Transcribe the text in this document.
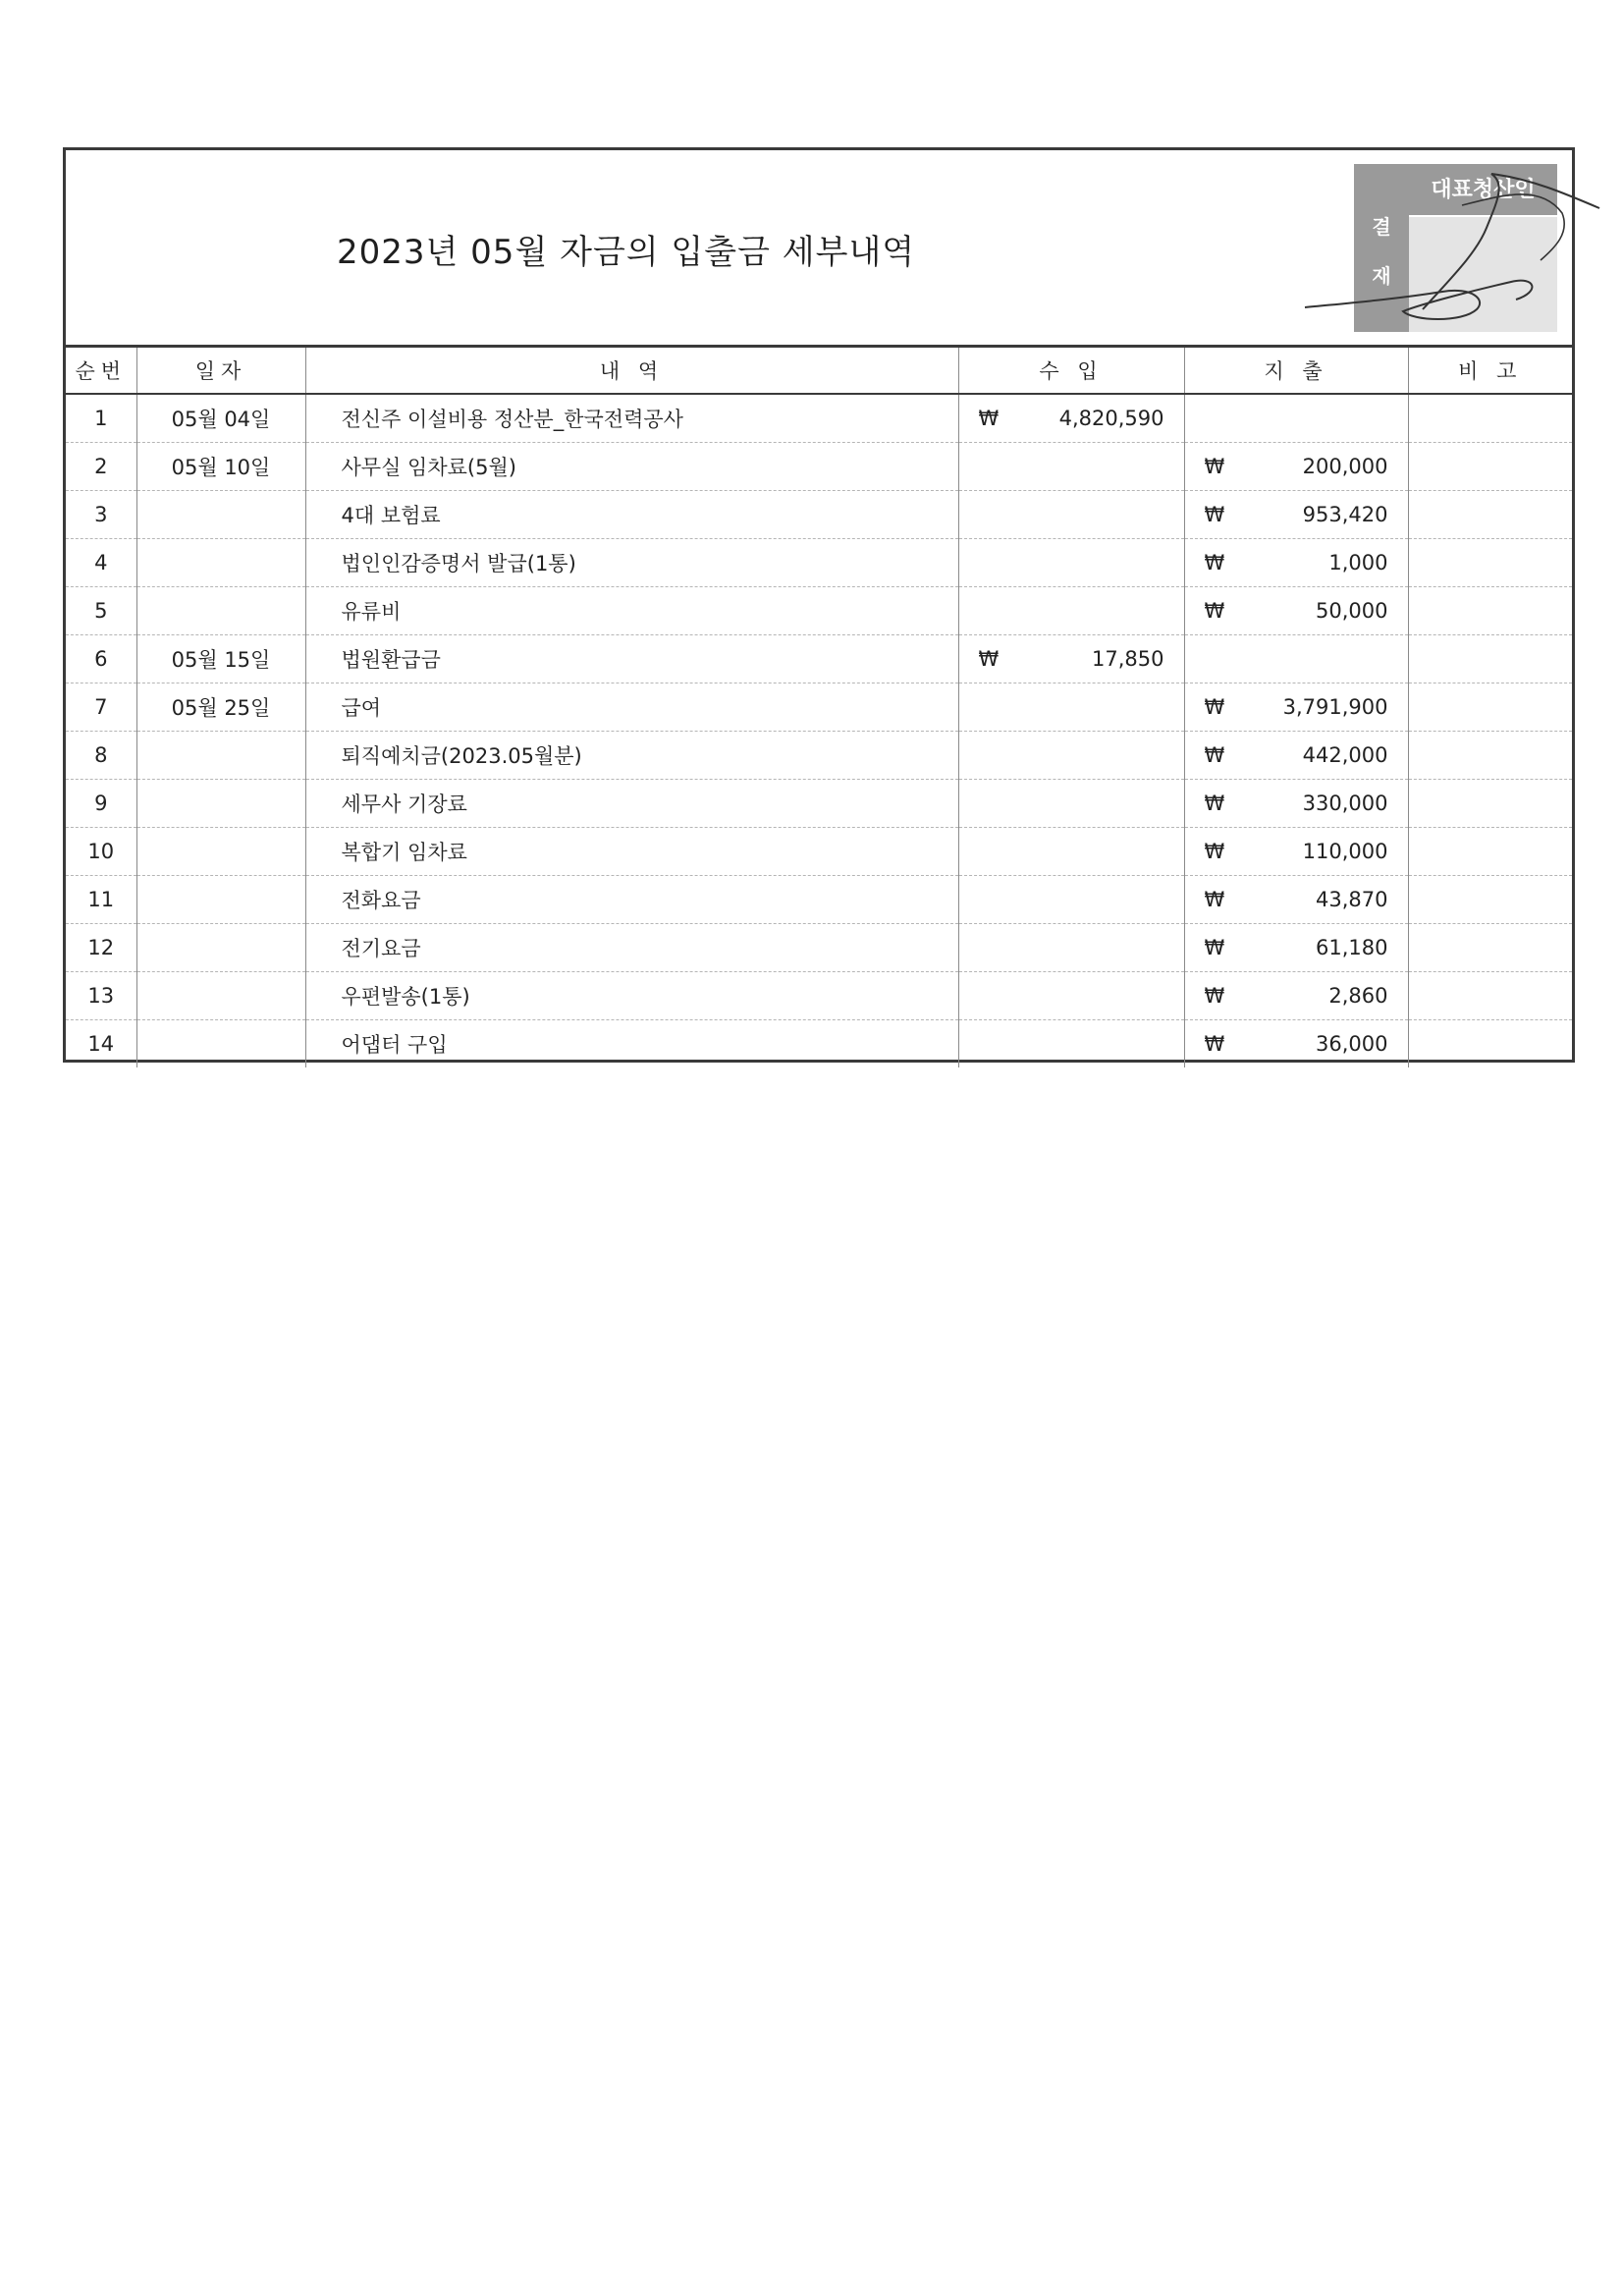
2023년 05월 자금의 입출금 세부내역
결
재
대표청산인
순번	일자	내 역	수 입	지 출	비 고
1	05월 04일	전신주 이설비용 정산분_한국전력공사	₩ 4,820,590		

2	05월 10일	사무실 임차료(5월)		₩ 200,000	

3		4대 보험료		₩ 953,420	

4		법인인감증명서 발급(1통)		₩ 1,000	

5		유류비		₩ 50,000	

6	05월 15일	법원환급금	₩ 17,850		

7	05월 25일	급여		₩ 3,791,900	

8		퇴직예치금(2023.05월분)		₩ 442,000	

9		세무사 기장료		₩ 330,000	

10		복합기 임차료		₩ 110,000	

11		전화요금		₩ 43,870	

12		전기요금		₩ 61,180	

13		우편발송(1통)		₩ 2,860	

14		어댑터 구입		₩ 36,000	
